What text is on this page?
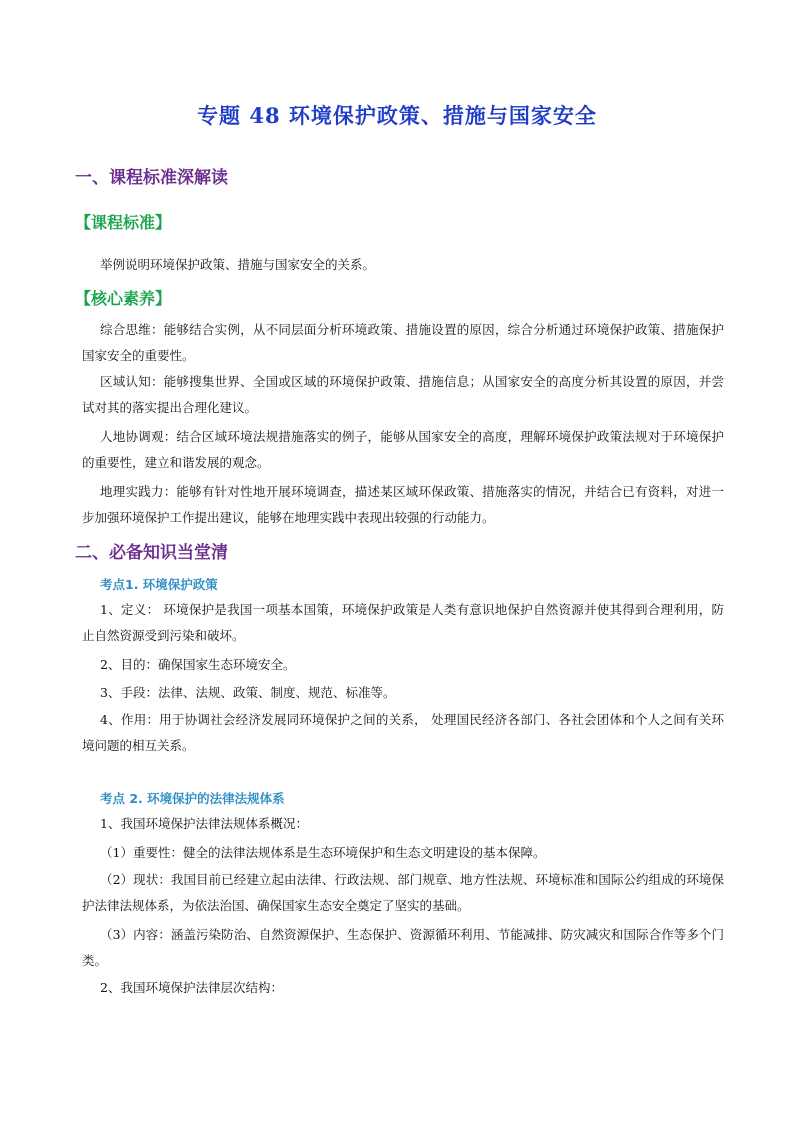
专题 48 环境保护政策、措施与国家安全
一、课程标准深解读
【课程标准】
举例说明环境保护政策、措施与国家安全的关系。
【核心素养】
综合思维：能够结合实例，从不同层面分析环境政策、措施设置的原因，综合分析通过环境保护政策、措施保护国家安全的重要性。
区域认知：能够搜集世界、全国或区域的环境保护政策、措施信息；从国家安全的高度分析其设置的原因，并尝试对其的落实提出合理化建议。
人地协调观：结合区域环境法规措施落实的例子，能够从国家安全的高度，理解环境保护政策法规对于环境保护的重要性，建立和谐发展的观念。
地理实践力：能够有针对性地开展环境调查，描述某区域环保政策、措施落实的情况，并结合已有资料，对进一步加强环境保护工作提出建议，能够在地理实践中表现出较强的行动能力。
二、必备知识当堂清
考点1. 环境保护政策
1、定义： 环境保护是我国一项基本国策，环境保护政策是人类有意识地保护自然资源并使其得到合理利用，防止自然资源受到污染和破坏。
2、目的：确保国家生态环境安全。
3、手段：法律、法规、政策、制度、规范、标准等。
4、作用：用于协调社会经济发展同环境保护之间的关系， 处理国民经济各部门、各社会团体和个人之间有关环境问题的相互关系。
考点 2. 环境保护的法律法规体系
1、我国环境保护法律法规体系概况：
（1）重要性：健全的法律法规体系是生态环境保护和生态文明建设的基本保障。
（2）现状：我国目前已经建立起由法律、行政法规、部门规章、地方性法规、环境标准和国际公约组成的环境保护法律法规体系，为依法治国、确保国家生态安全奠定了坚实的基础。
（3）内容：涵盖污染防治、自然资源保护、生态保护、资源循环利用、节能减排、防灾减灾和国际合作等多个门类。
2、我国环境保护法律层次结构：
